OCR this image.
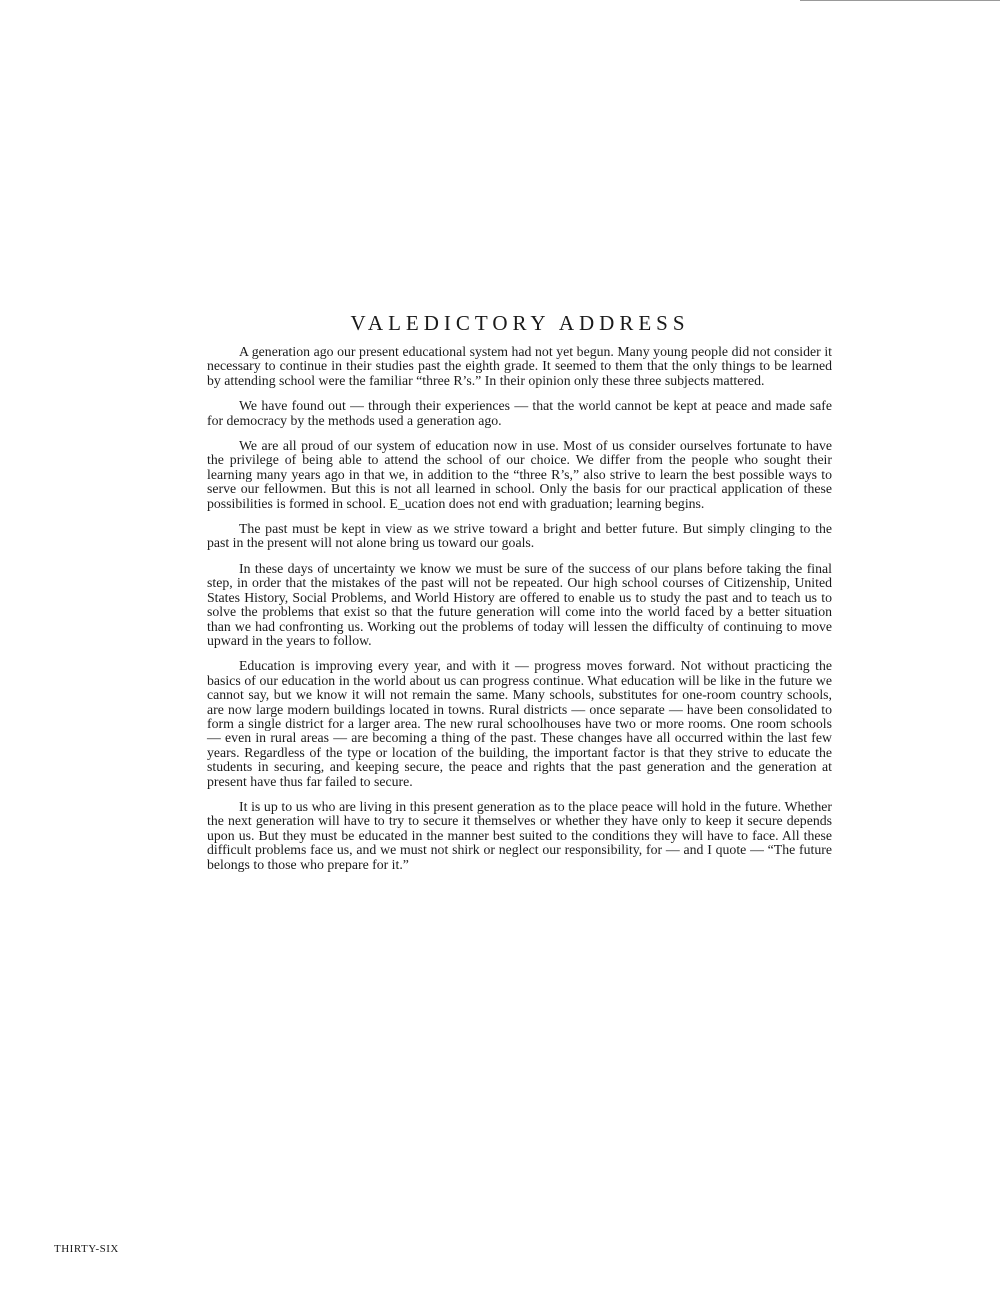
VALEDICTORY ADDRESS

A generation ago our present educational system had not yet begun. Many young people did not consider it necessary to continue in their studies past the eighth grade. It seemed to them that the only things to be learned by attending school were the familiar “three R’s.” In their opinion only these three subjects mattered.

We have found out — through their experiences — that the world cannot be kept at peace and made safe for democracy by the methods used a generation ago.

We are all proud of our system of education now in use. Most of us consider ourselves fortunate to have the privilege of being able to attend the school of our choice. We differ from the people who sought their learning many years ago in that we, in addition to the “three R’s,” also strive to learn the best possible ways to serve our fellowmen. But this is not all learned in school. Only the basis for our practical application of these possibilities is formed in school. E_ucation does not end with graduation; learning begins.

The past must be kept in view as we strive toward a bright and better future. But simply clinging to the past in the present will not alone bring us toward our goals.

In these days of uncertainty we know we must be sure of the success of our plans before taking the final step, in order that the mistakes of the past will not be repeated. Our high school courses of Citizenship, United States History, Social Problems, and World History are offered to enable us to study the past and to teach us to solve the problems that exist so that the future generation will come into the world faced by a better situation than we had confronting us. Working out the problems of today will lessen the difficulty of continuing to move upward in the years to follow.

Education is improving every year, and with it — progress moves forward. Not without practicing the basics of our education in the world about us can progress continue. What education will be like in the future we cannot say, but we know it will not remain the same. Many schools, substitutes for one-room country schools, are now large modern buildings located in towns. Rural districts — once separate — have been consolidated to form a single district for a larger area. The new rural schoolhouses have two or more rooms. One room schools — even in rural areas — are becoming a thing of the past. These changes have all occurred within the last few years. Regardless of the type or location of the building, the important factor is that they strive to educate the students in securing, and keeping secure, the peace and rights that the past generation and the generation at present have thus far failed to secure.

It is up to us who are living in this present generation as to the place peace will hold in the future. Whether the next generation will have to try to secure it themselves or whether they have only to keep it secure depends upon us. But they must be educated in the manner best suited to the conditions they will have to face. All these difficult problems face us, and we must not shirk or neglect our responsibility, for — and I quote — “The future belongs to those who prepare for it.”

THIRTY-SIX
